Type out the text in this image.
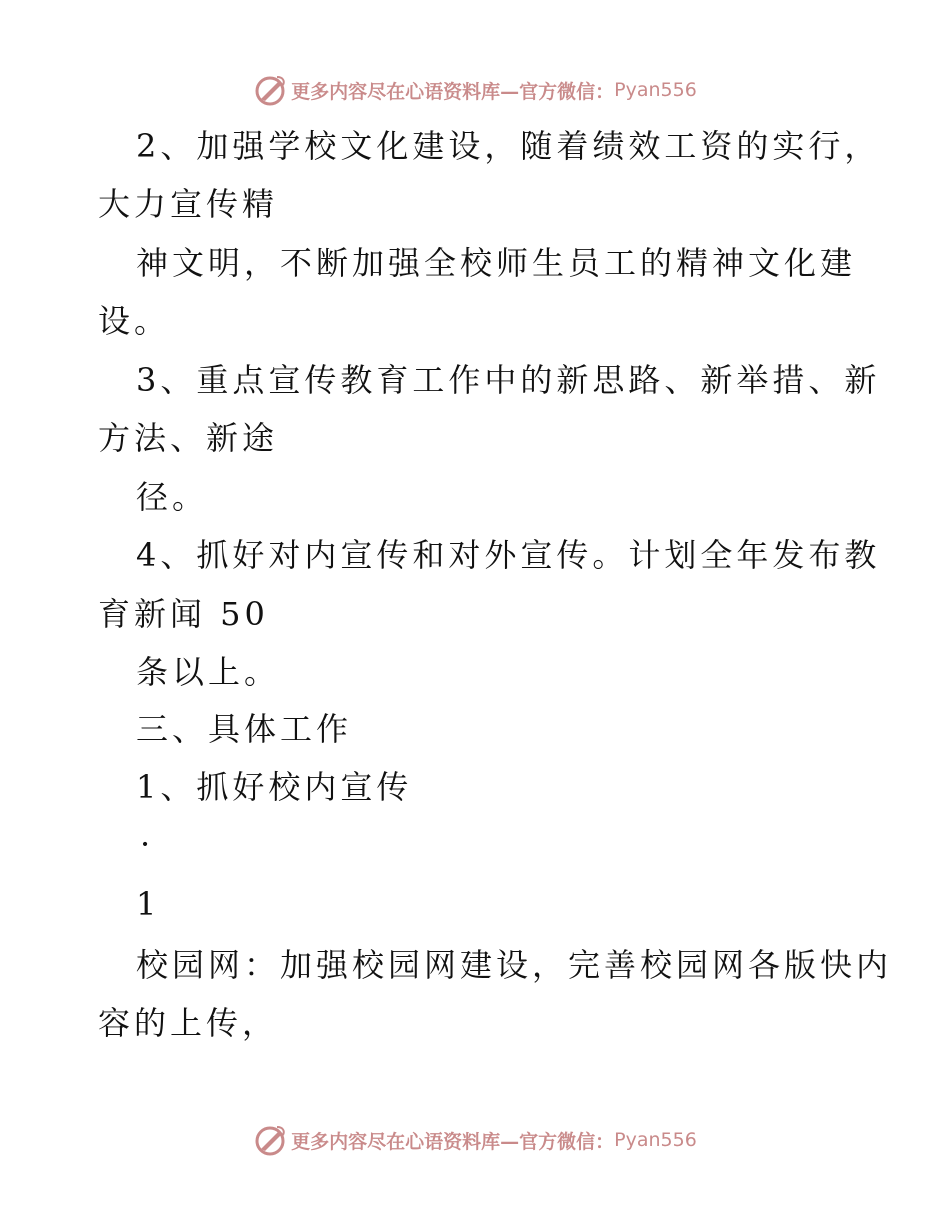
更多内容尽在心语资料库—官方微信： Pyan556
2、加强学校文化建设，随着绩效工资的实行，
大力宣传精
神文明，不断加强全校师生员工的精神文化建
设。
3、重点宣传教育工作中的新思路、新举措、新
方法、新途
径。
4、抓好对内宣传和对外宣传。计划全年发布教
育新闻 50
条以上。
三、具体工作
1、抓好校内宣传
·
1
校园网：加强校园网建设，完善校园网各版快内
容的上传，
更多内容尽在心语资料库—官方微信： Pyan556
